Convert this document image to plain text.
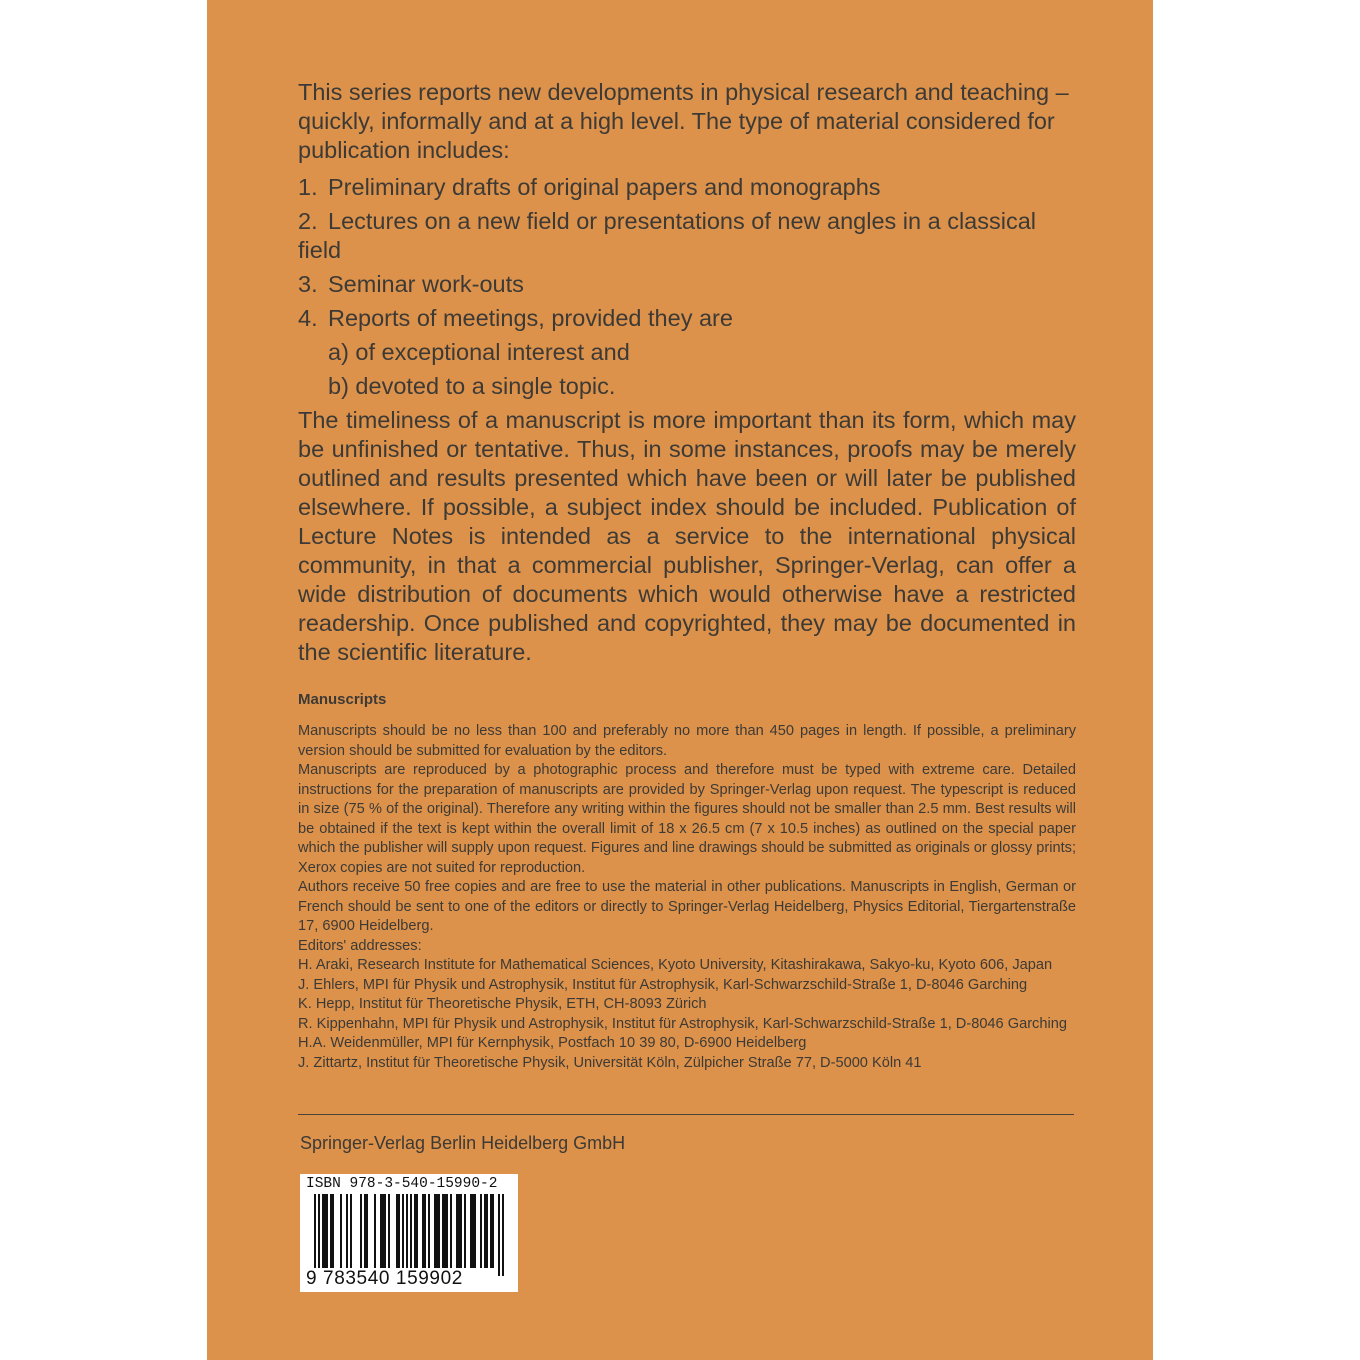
This series reports new developments in physical research and teaching – quickly, informally and at a high level. The type of material considered for publication includes:

1. Preliminary drafts of original papers and monographs
2. Lectures on a new field or presentations of new angles in a classical field
3. Seminar work-outs
4. Reports of meetings, provided they are
a) of exceptional interest and
b) devoted to a single topic.

The timeliness of a manuscript is more important than its form, which may be unfinished or tentative. Thus, in some instances, proofs may be merely outlined and results presented which have been or will later be published elsewhere. If possible, a subject index should be included. Publication of Lecture Notes is intended as a service to the international physical community, in that a commercial publisher, Springer-Verlag, can offer a wide distribution of documents which would otherwise have a restricted readership. Once published and copyrighted, they may be documented in the scientific literature.

Manuscripts

Manuscripts should be no less than 100 and preferably no more than 450 pages in length. If possible, a preliminary version should be submitted for evaluation by the editors.

Manuscripts are reproduced by a photographic process and therefore must be typed with extreme care. Detailed instructions for the preparation of manuscripts are provided by Springer-Verlag upon request. The typescript is reduced in size (75 % of the original). Therefore any writing within the figures should not be smaller than 2.5 mm. Best results will be obtained if the text is kept within the overall limit of 18 x 26.5 cm (7 x 10.5 inches) as outlined on the special paper which the publisher will supply upon request. Figures and line drawings should be submitted as originals or glossy prints; Xerox copies are not suited for reproduction.

Authors receive 50 free copies and are free to use the material in other publications. Manuscripts in English, German or French should be sent to one of the editors or directly to Springer-Verlag Heidelberg, Physics Editorial, Tiergartenstraße 17, 6900 Heidelberg.

Editors' addresses:

H. Araki, Research Institute for Mathematical Sciences, Kyoto University, Kitashirakawa, Sakyo-ku, Kyoto 606, Japan

J. Ehlers, MPI für Physik und Astrophysik, Institut für Astrophysik, Karl-Schwarzschild-Straße 1, D-8046 Garching

K. Hepp, Institut für Theoretische Physik, ETH, CH-8093 Zürich

R. Kippenhahn, MPI für Physik und Astrophysik, Institut für Astrophysik, Karl-Schwarzschild-Straße 1, D-8046 Garching

H.A. Weidenmüller, MPI für Kernphysik, Postfach 10 39 80, D-6900 Heidelberg

J. Zittartz, Institut für Theoretische Physik, Universität Köln, Zülpicher Straße 77, D-5000 Köln 41

Springer-Verlag Berlin Heidelberg GmbH
ISBN 978-3-540-15990-2
9 783540 159902
